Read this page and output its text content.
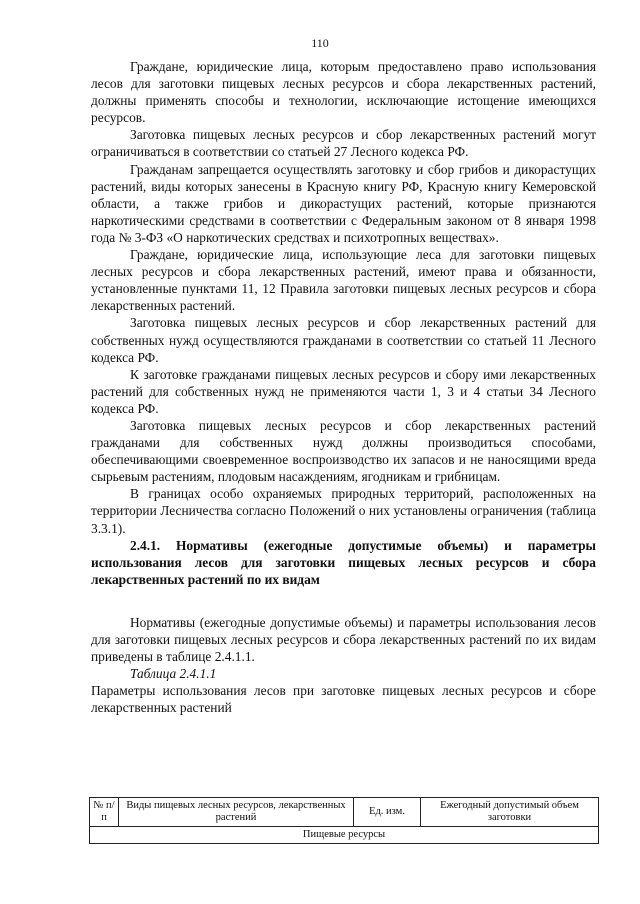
110

Граждане, юридические лица, которым предоставлено право использования лесов для заготовки пищевых лесных ресурсов и сбора лекарственных растений, должны применять способы и технологии, исключающие истощение имеющихся ресурсов.

Заготовка пищевых лесных ресурсов и сбор лекарственных растений могут ограничиваться в соответствии со статьей 27 Лесного кодекса РФ.

Гражданам запрещается осуществлять заготовку и сбор грибов и дикорастущих растений, виды которых занесены в Красную книгу РФ, Красную книгу Кемеровской области, а также грибов и дикорастущих растений, которые признаются наркотическими средствами в соответствии с Федеральным законом от 8 января 1998 года № 3-ФЗ «О наркотических средствах и психотропных веществах».

Граждане, юридические лица, использующие леса для заготовки пищевых лесных ресурсов и сбора лекарственных растений, имеют права и обязанности, установленные пунктами 11, 12 Правила заготовки пищевых лесных ресурсов и сбора лекарственных растений.

Заготовка пищевых лесных ресурсов и сбор лекарственных растений для собственных нужд осуществляются гражданами в соответствии со статьей 11 Лесного кодекса РФ.

К заготовке гражданами пищевых лесных ресурсов и сбору ими лекарственных растений для собственных нужд не применяются части 1, 3 и 4 статьи 34 Лесного кодекса РФ.

Заготовка пищевых лесных ресурсов и сбор лекарственных растений гражданами для собственных нужд должны производиться способами, обеспечивающими своевременное воспроизводство их запасов и не наносящими вреда сырьевым растениям, плодовым насаждениям, ягодникам и грибницам.

В границах особо охраняемых природных территорий, расположенных на территории Лесничества согласно Положений о них установлены ограничения (таблица 3.3.1).

2.4.1. Нормативы (ежегодные допустимые объемы) и параметры использования лесов для заготовки пищевых лесных ресурсов и сбора лекарственных растений по их видам

Нормативы (ежегодные допустимые объемы) и параметры использования лесов для заготовки пищевых лесных ресурсов и сбора лекарственных растений по их видам приведены в таблице 2.4.1.1.

Таблица 2.4.1.1

Параметры использования лесов при заготовке пищевых лесных ресурсов и сборе лекарственных растений

№ п/п	Виды пищевых лесных ресурсов, лекарственных растений	Ед. изм.	Ежегодный допустимый объем заготовки
Пищевые ресурсы
